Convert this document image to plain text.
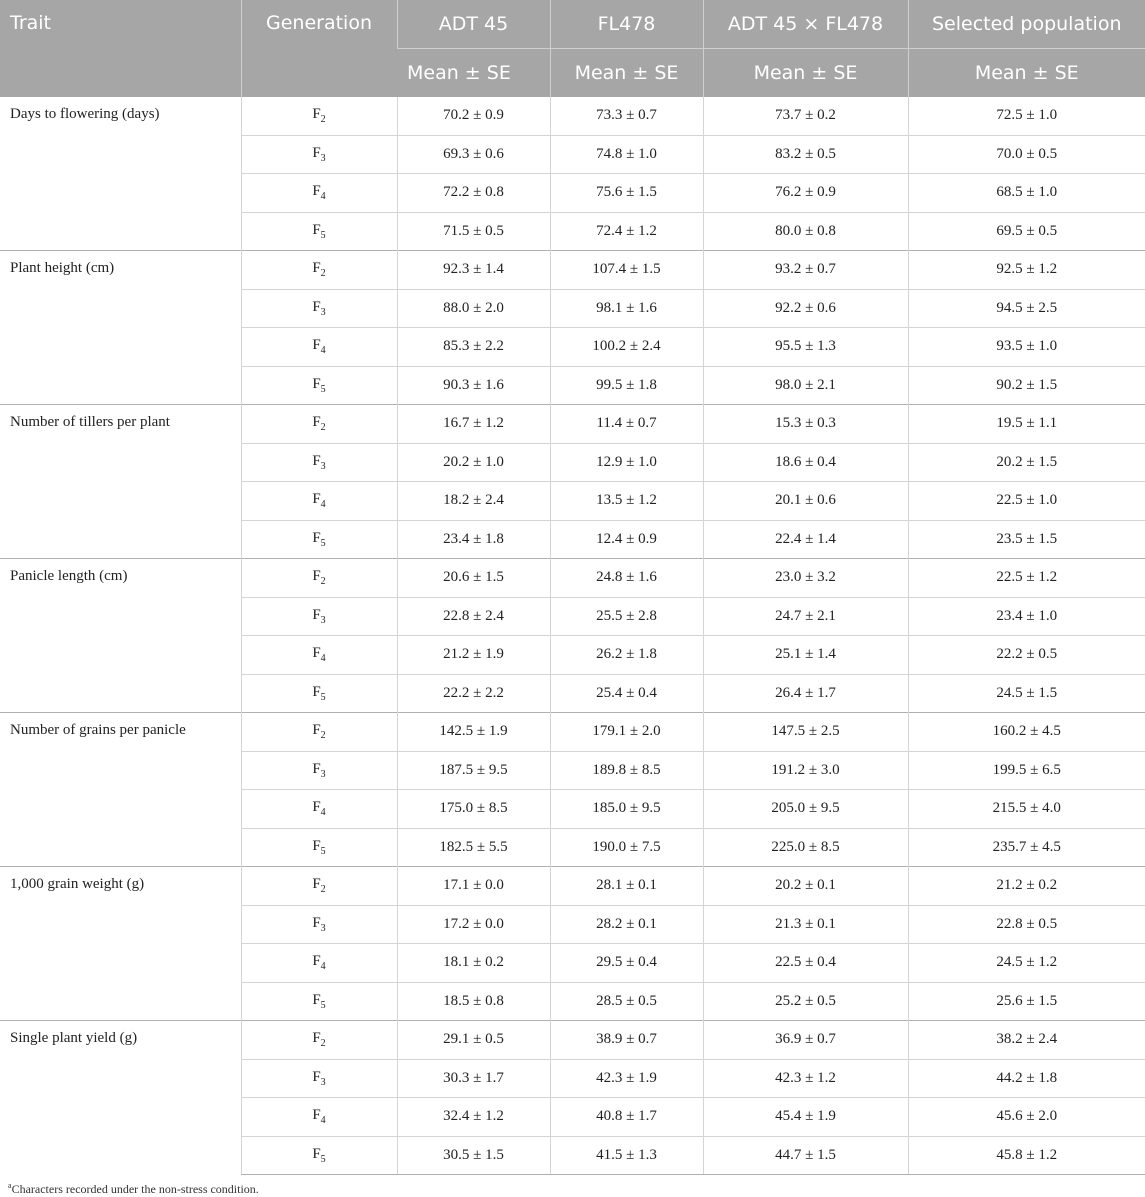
Trait	Generation	ADT 45	FL478	ADT 45 × FL478	Selected population
		Mean ± SE	Mean ± SE	Mean ± SE	Mean ± SE
Days to flowering (days)	$F_2$	70.2 ± 0.9	73.3 ± 0.7	73.7 ± 0.2	72.5 ± 1.0
	$F_3$	69.3 ± 0.6	74.8 ± 1.0	83.2 ± 0.5	70.0 ± 0.5
	$F_4$	72.2 ± 0.8	75.6 ± 1.5	76.2 ± 0.9	68.5 ± 1.0
	$F_5$	71.5 ± 0.5	72.4 ± 1.2	80.0 ± 0.8	69.5 ± 0.5
Plant height (cm)	$F_2$	92.3 ± 1.4	107.4 ± 1.5	93.2 ± 0.7	92.5 ± 1.2
	$F_3$	88.0 ± 2.0	98.1 ± 1.6	92.2 ± 0.6	94.5 ± 2.5
	$F_4$	85.3 ± 2.2	100.2 ± 2.4	95.5 ± 1.3	93.5 ± 1.0
	$F_5$	90.3 ± 1.6	99.5 ± 1.8	98.0 ± 2.1	90.2 ± 1.5
Number of tillers per plant	$F_2$	16.7 ± 1.2	11.4 ± 0.7	15.3 ± 0.3	19.5 ± 1.1
	$F_3$	20.2 ± 1.0	12.9 ± 1.0	18.6 ± 0.4	20.2 ± 1.5
	$F_4$	18.2 ± 2.4	13.5 ± 1.2	20.1 ± 0.6	22.5 ± 1.0
	$F_5$	23.4 ± 1.8	12.4 ± 0.9	22.4 ± 1.4	23.5 ± 1.5
Panicle length (cm)	$F_2$	20.6 ± 1.5	24.8 ± 1.6	23.0 ± 3.2	22.5 ± 1.2
	$F_3$	22.8 ± 2.4	25.5 ± 2.8	24.7 ± 2.1	23.4 ± 1.0
	$F_4$	21.2 ± 1.9	26.2 ± 1.8	25.1 ± 1.4	22.2 ± 0.5
	$F_5$	22.2 ± 2.2	25.4 ± 0.4	26.4 ± 1.7	24.5 ± 1.5
Number of grains per panicle	$F_2$	142.5 ± 1.9	179.1 ± 2.0	147.5 ± 2.5	160.2 ± 4.5
	$F_3$	187.5 ± 9.5	189.8 ± 8.5	191.2 ± 3.0	199.5 ± 6.5
	$F_4$	175.0 ± 8.5	185.0 ± 9.5	205.0 ± 9.5	215.5 ± 4.0
	$F_5$	182.5 ± 5.5	190.0 ± 7.5	225.0 ± 8.5	235.7 ± 4.5
1,000 grain weight (g)	$F_2$	17.1 ± 0.0	28.1 ± 0.1	20.2 ± 0.1	21.2 ± 0.2
	$F_3$	17.2 ± 0.0	28.2 ± 0.1	21.3 ± 0.1	22.8 ± 0.5
	$F_4$	18.1 ± 0.2	29.5 ± 0.4	22.5 ± 0.4	24.5 ± 1.2
	$F_5$	18.5 ± 0.8	28.5 ± 0.5	25.2 ± 0.5	25.6 ± 1.5
Single plant yield (g)	$F_2$	29.1 ± 0.5	38.9 ± 0.7	36.9 ± 0.7	38.2 ± 2.4
	$F_3$	30.3 ± 1.7	42.3 ± 1.9	42.3 ± 1.2	44.2 ± 1.8
	$F_4$	32.4 ± 1.2	40.8 ± 1.7	45.4 ± 1.9	45.6 ± 2.0
	$F_5$	30.5 ± 1.5	41.5 ± 1.3	44.7 ± 1.5	45.8 ± 1.2

$^a$Characters recorded under the non-stress condition.
